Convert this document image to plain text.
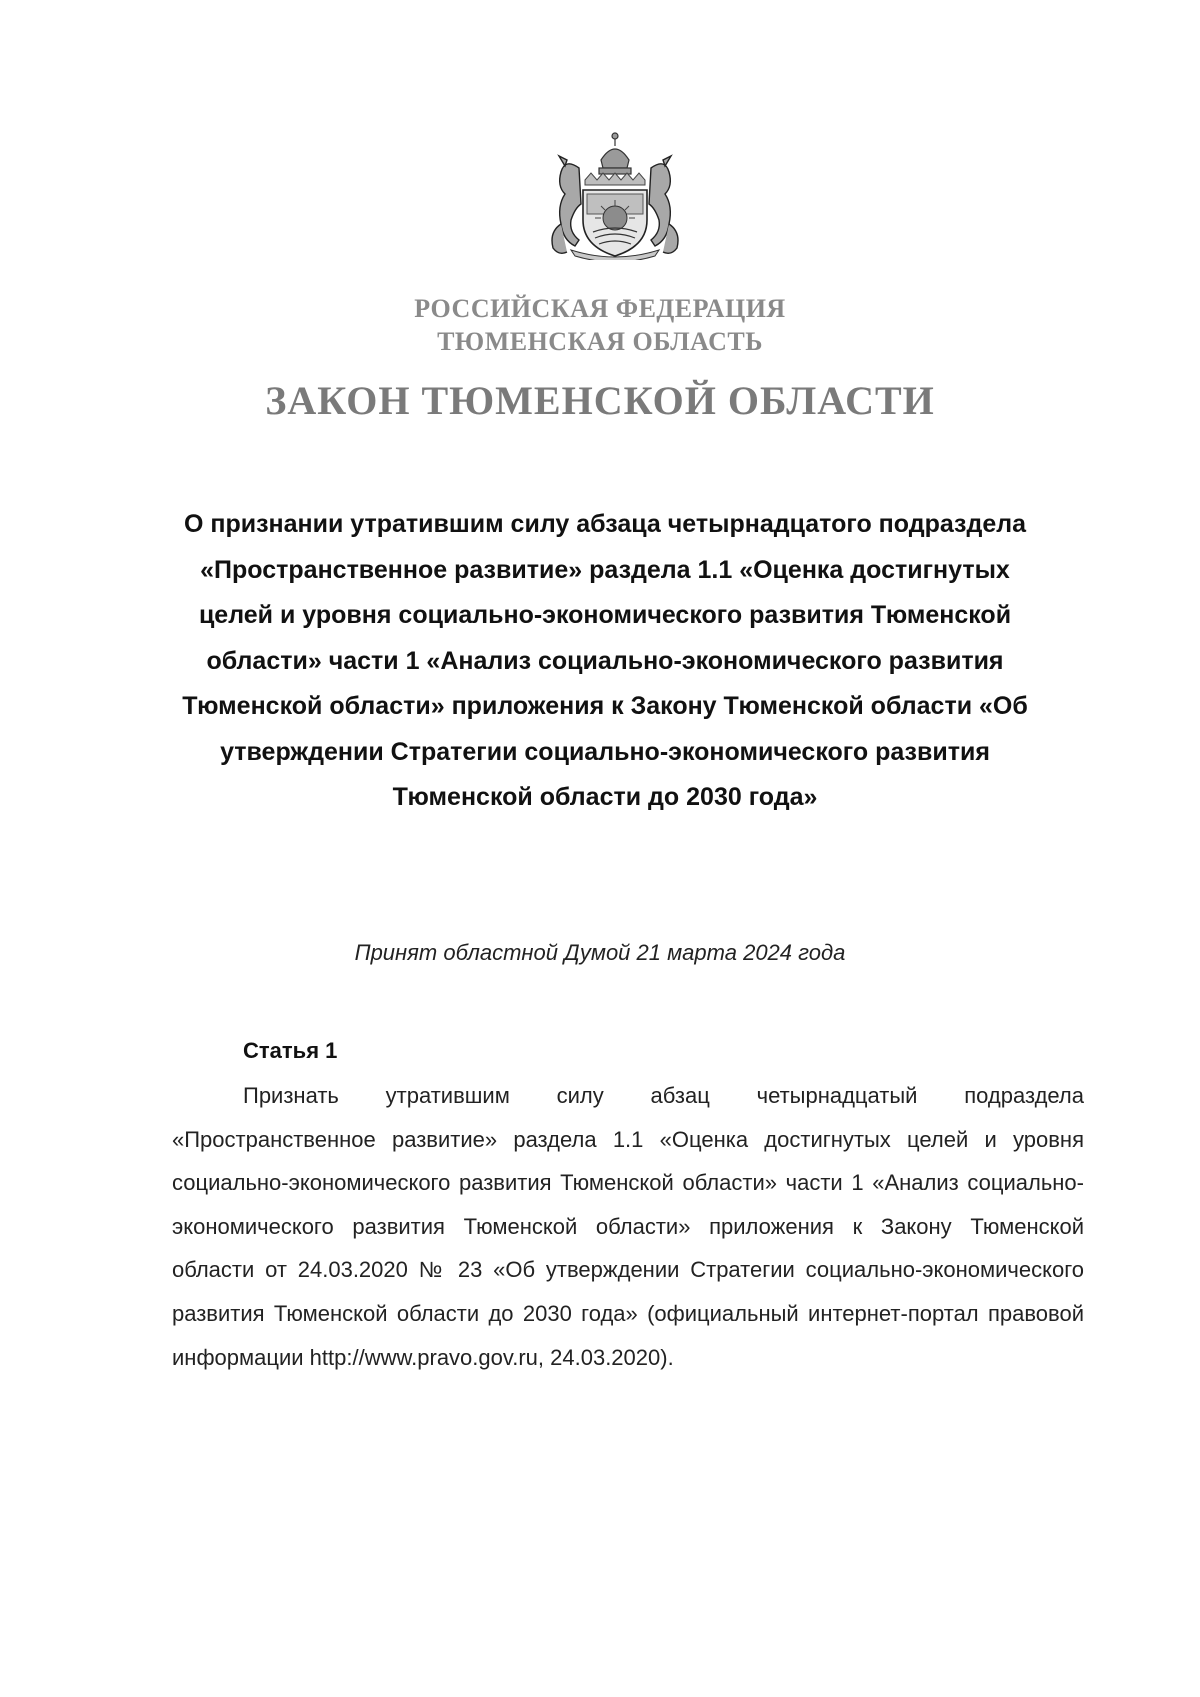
РОССИЙСКАЯ ФЕДЕРАЦИЯ
ТЮМЕНСКАЯ ОБЛАСТЬ
ЗАКОН ТЮМЕНСКОЙ ОБЛАСТИ

О признании утратившим силу абзаца четырнадцатого подраздела «Пространственное развитие» раздела 1.1 «Оценка достигнутых целей и уровня социально-экономического развития Тюменской области» части 1 «Анализ социально-экономического развития Тюменской области» приложения к Закону Тюменской области «Об утверждении Стратегии социально-экономического развития Тюменской области до 2030 года»

Принят областной Думой 21 марта 2024 года
Статья 1

Признать утратившим силу абзац четырнадцатый подраздела «Пространственное развитие» раздела 1.1 «Оценка достигнутых целей и уровня социально-экономического развития Тюменской области» части 1 «Анализ социально-экономического развития Тюменской области» приложения к Закону Тюменской области от 24.03.2020 № 23 «Об утверждении Стратегии социально-экономического развития Тюменской области до 2030 года» (официальный интернет-портал правовой информации http://www.pravo.gov.ru, 24.03.2020).
